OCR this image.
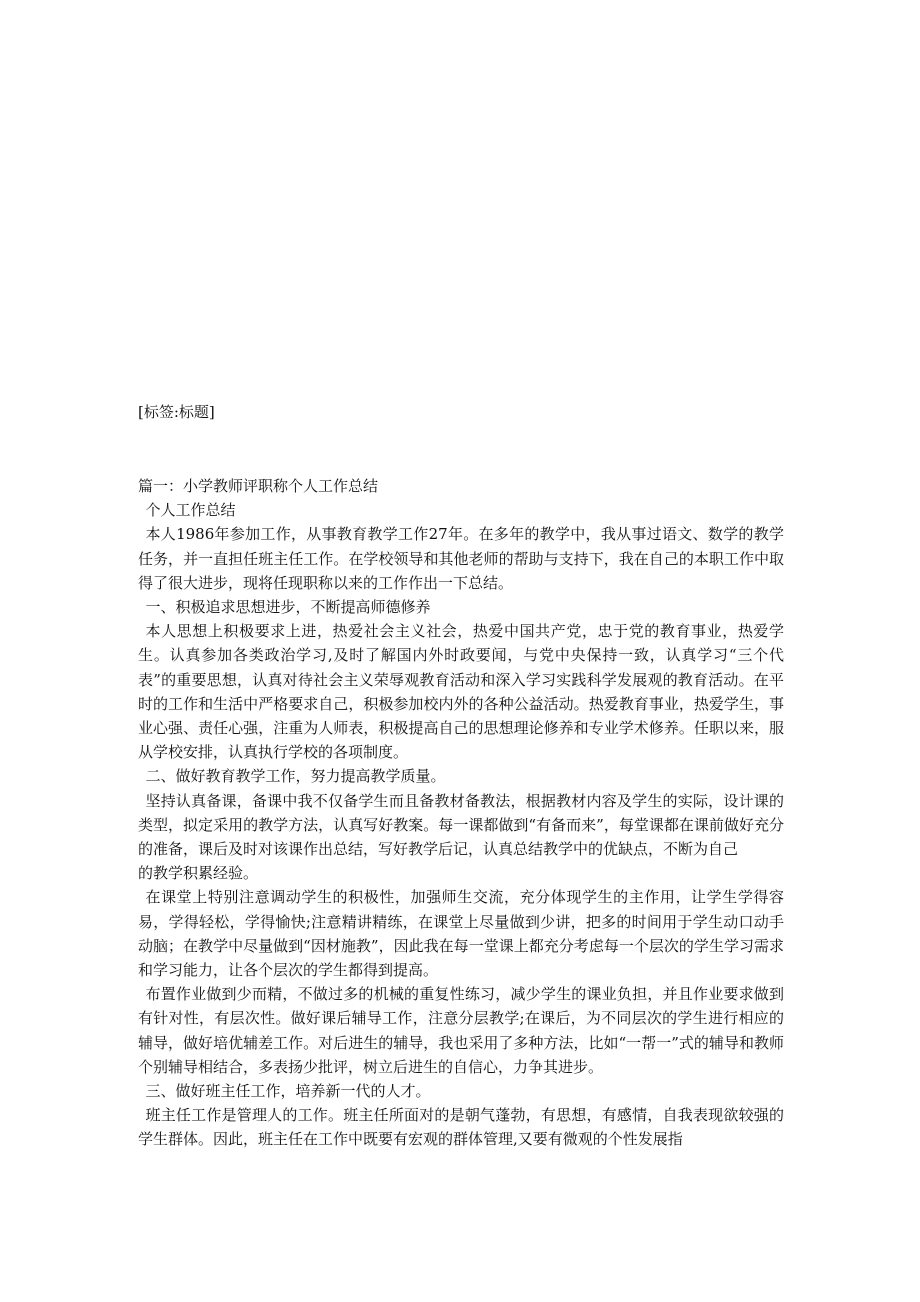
[标签:标题]

篇一：小学教师评职称个人工作总结

个人工作总结

本人1986年参加工作，从事教育教学工作27年。在多年的教学中，我从事过语文、数学的教学任务，并一直担任班主任工作。在学校领导和其他老师的帮助与支持下，我在自己的本职工作中取得了很大进步，现将任现职称以来的工作作出一下总结。

一、积极追求思想进步，不断提高师德修养

本人思想上积极要求上进，热爱社会主义社会，热爱中国共产党，忠于党的教育事业，热爱学生。认真参加各类政治学习,及时了解国内外时政要闻，与党中央保持一致，认真学习“三个代表”的重要思想，认真对待社会主义荣辱观教育活动和深入学习实践科学发展观的教育活动。在平时的工作和生活中严格要求自己，积极参加校内外的各种公益活动。热爱教育事业，热爱学生，事业心强、责任心强，注重为人师表，积极提高自己的思想理论修养和专业学术修养。任职以来，服从学校安排，认真执行学校的各项制度。

二、做好教育教学工作，努力提高教学质量。

坚持认真备课，备课中我不仅备学生而且备教材备教法，根据教材内容及学生的实际，设计课的类型，拟定采用的教学方法，认真写好教案。每一课都做到“有备而来”，每堂课都在课前做好充分的准备，课后及时对该课作出总结，写好教学后记，认真总结教学中的优缺点，不断为自己

的教学积累经验。

在课堂上特别注意调动学生的积极性，加强师生交流，充分体现学生的主作用，让学生学得容易，学得轻松，学得愉快;注意精讲精练，在课堂上尽量做到少讲，把多的时间用于学生动口动手动脑；在教学中尽量做到“因材施教”，因此我在每一堂课上都充分考虑每一个层次的学生学习需求和学习能力，让各个层次的学生都得到提高。

布置作业做到少而精，不做过多的机械的重复性练习，减少学生的课业负担，并且作业要求做到有针对性，有层次性。做好课后辅导工作，注意分层教学;在课后，为不同层次的学生进行相应的辅导，做好培优辅差工作。对后进生的辅导，我也采用了多种方法，比如“一帮一”式的辅导和教师个别辅导相结合，多表扬少批评，树立后进生的自信心，力争其进步。

三、做好班主任工作，培养新一代的人才。

班主任工作是管理人的工作。班主任所面对的是朝气蓬勃，有思想，有感情，自我表现欲较强的学生群体。因此，班主任在工作中既要有宏观的群体管理,又要有微观的个性发展指
